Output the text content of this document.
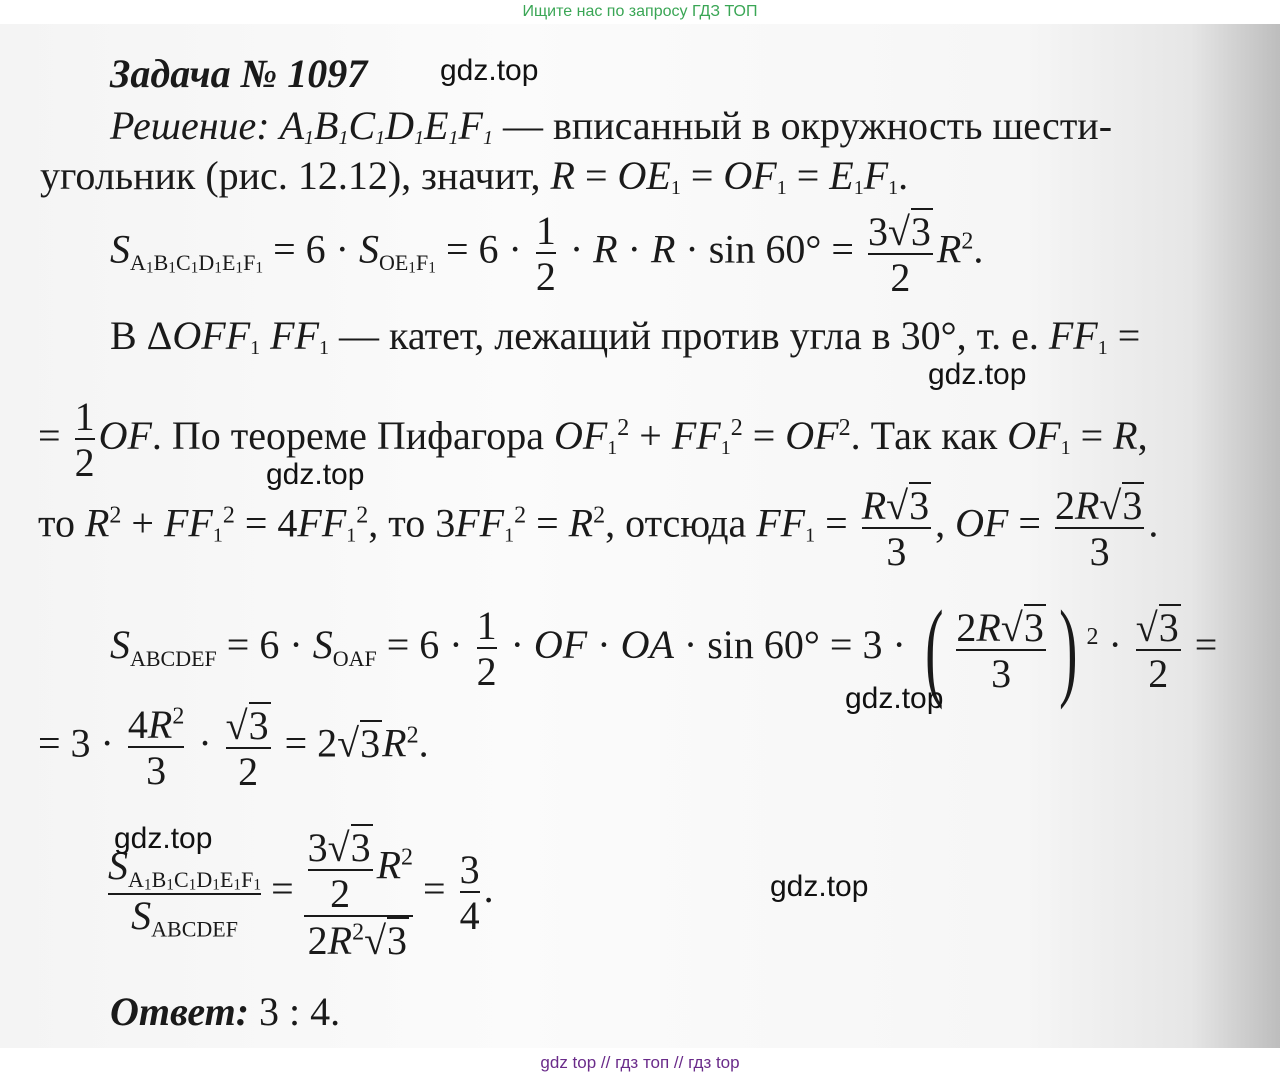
Ищите нас по запросу ГДЗ ТОП
Задача № 1097
Решение: $A_1B_1C_1D_1E_1F_1$ — вписанный в окружность шести-
угольник (рис. 12.12), значит, $R = OE_1 = OF_1 = E_1F_1$.
$SA_1B_1C_1D_1E_1F_1 = 6 \cdot SOE_1F_1 = 6 \cdot \frac{1}{2} \cdot R \cdot R \cdot \sin 60^\circ = \frac{3√3}{2} R^2$.
В $\Delta OFF_1$ $FF_1$ — катет, лежащий против угла в 30°, т. е. $FF_1$ =
= $\frac{1}{2}$ OF. По теореме Пифагора $OF_1^2 + FF_1^2 = OF^2$. Так как $OF_1 = R$,
то $R^2 + FF_1^2 = 4FF_1^2$, то $3FF_1^2 = R^2$, отсюда $FF_1 = \frac{R√3}{3}$ , OF = $\frac{2R√3}{3}$ .
SABCDEF = 6 · SOAF = $6 \cdot \frac{1}{2}$ · OF · OA · sin 60° = 3 · ( $\frac{2R√3}{3}$ ) $^2 \cdot \frac{√3}{2}$ =
= $3 \cdot \frac{4R^2}{3} \cdot \frac{√3}{2} = 2√3R^2$.
$\frac{SA_1B_1C_1D_1E_1F_1}{\text{SABCDEF}} = \frac{\frac{3√3}{2} R^2}{2R^2√3} = \frac{3}{4}$ .
Ответ: 3 : 4.
gdz.top
gdz.top
gdz.top
gdz.top
gdz.top
gdz.top
gdz top // гдз топ // гдз top
